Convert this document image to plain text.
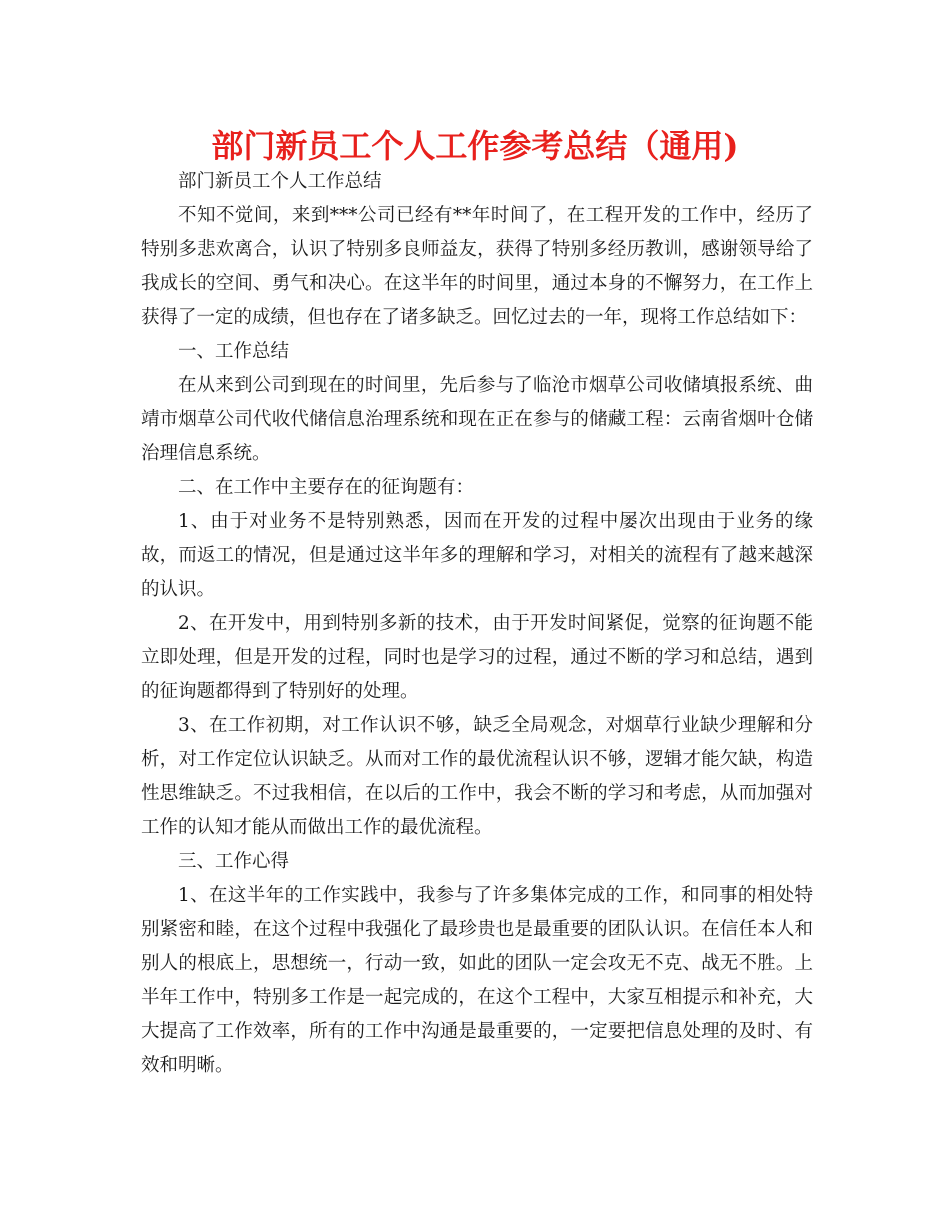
部门新员工个人工作参考总结（通用)

部门新员工个人工作总结

不知不觉间，来到***公司已经有**年时间了，在工程开发的工作中，经历了特别多悲欢离合，认识了特别多良师益友，获得了特别多经历教训，感谢领导给了我成长的空间、勇气和决心。在这半年的时间里，通过本身的不懈努力，在工作上获得了一定的成绩，但也存在了诸多缺乏。回忆过去的一年，现将工作总结如下：

一、工作总结

在从来到公司到现在的时间里，先后参与了临沧市烟草公司收储填报系统、曲靖市烟草公司代收代储信息治理系统和现在正在参与的储藏工程：云南省烟叶仓储治理信息系统。

二、在工作中主要存在的征询题有：

1、由于对业务不是特别熟悉，因而在开发的过程中屡次出现由于业务的缘故，而返工的情况，但是通过这半年多的理解和学习，对相关的流程有了越来越深的认识。

2、在开发中，用到特别多新的技术，由于开发时间紧促，觉察的征询题不能立即处理，但是开发的过程，同时也是学习的过程，通过不断的学习和总结，遇到的征询题都得到了特别好的处理。

3、在工作初期，对工作认识不够，缺乏全局观念，对烟草行业缺少理解和分析，对工作定位认识缺乏。从而对工作的最优流程认识不够，逻辑才能欠缺，构造性思维缺乏。不过我相信，在以后的工作中，我会不断的学习和考虑，从而加强对工作的认知才能从而做出工作的最优流程。

三、工作心得

1、在这半年的工作实践中，我参与了许多集体完成的工作，和同事的相处特别紧密和睦，在这个过程中我强化了最珍贵也是最重要的团队认识。在信任本人和别人的根底上，思想统一，行动一致，如此的团队一定会攻无不克、战无不胜。上半年工作中，特别多工作是一起完成的，在这个工程中，大家互相提示和补充，大大提高了工作效率，所有的工作中沟通是最重要的，一定要把信息处理的及时、有效和明晰。
